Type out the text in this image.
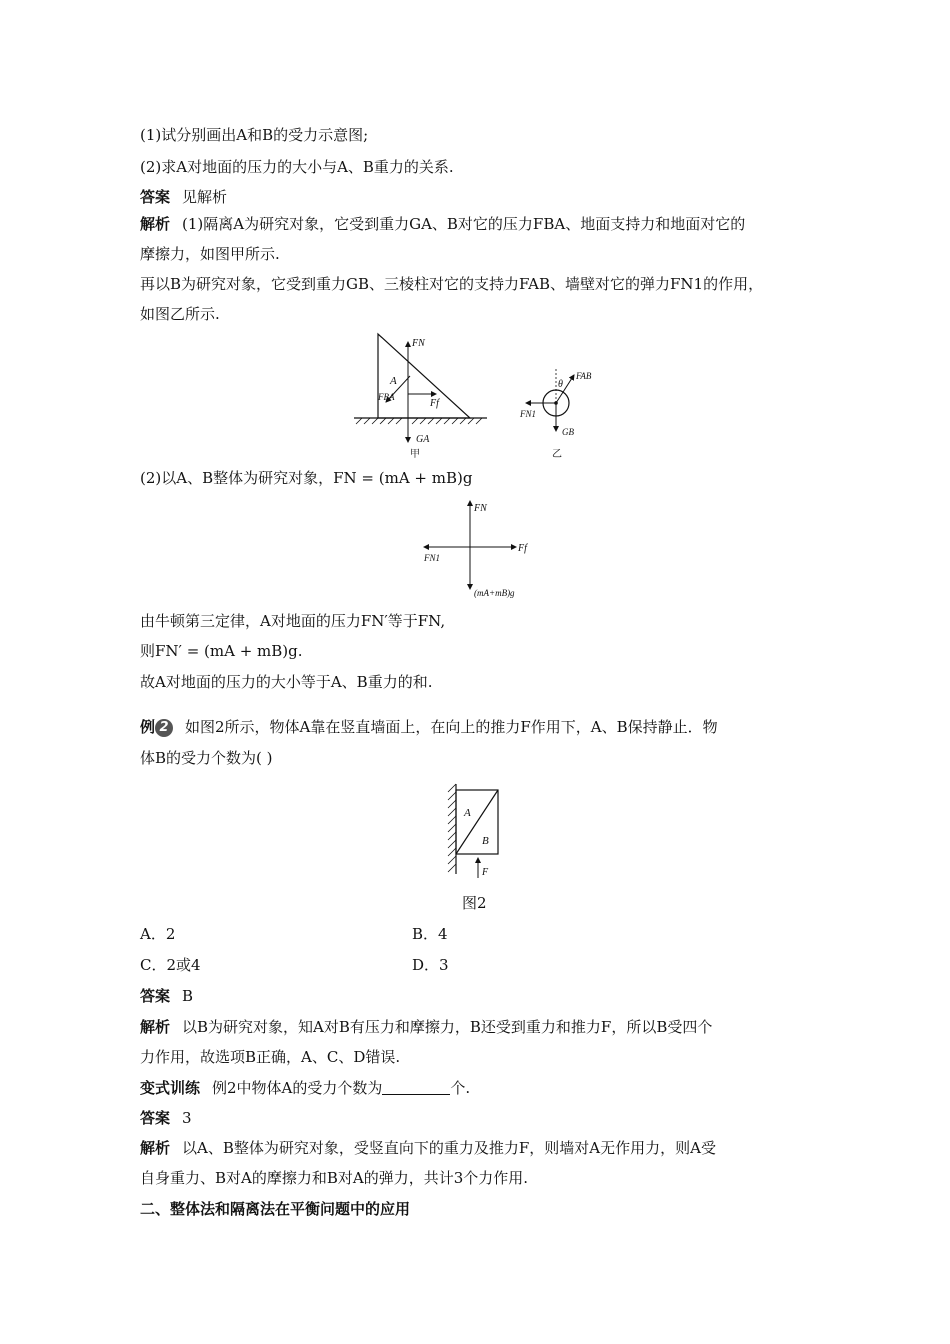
(1)试分别画出A和B的受力示意图;
(2)求A对地面的压力的大小与A、B重力的关系.
答案 见解析
解析 (1)隔离A为研究对象，它受到重力GA、B对它的压力FBA、地面支持力和地面对它的
摩擦力，如图甲所示.
再以B为研究对象，它受到重力GB、三棱柱对它的支持力FAB、墙壁对它的弹力FN1的作用，
如图乙所示.
FN
A
FBA
Ff
GA
甲
FAB
θ
FN1
GB
乙
(2)以A、B整体为研究对象，FN = (mA + mB)g
FN
Ff
FN1
(mA+mB)g
由牛顿第三定律，A对地面的压力FN′等于FN,
则FN′ = (mA + mB)g.
故A对地面的压力的大小等于A、B重力的和.
例 2 如图2所示，物体A靠在竖直墙面上，在向上的推力F作用下，A、B保持静止．物
体B的受力个数为( )
A
B
F
图2
A．2	B．4
C．2或4	D．3
答案 B
解析 以B为研究对象，知A对B有压力和摩擦力，B还受到重力和推力F，所以B受四个
力作用，故选项B正确，A、C、D错误.
变式训练 例2中物体A的受力个数为	个.
答案 3
解析 以A、B整体为研究对象，受竖直向下的重力及推力F，则墙对A无作用力，则A受
自身重力、B对A的摩擦力和B对A的弹力，共计3个力作用.
二、整体法和隔离法在平衡问题中的应用
